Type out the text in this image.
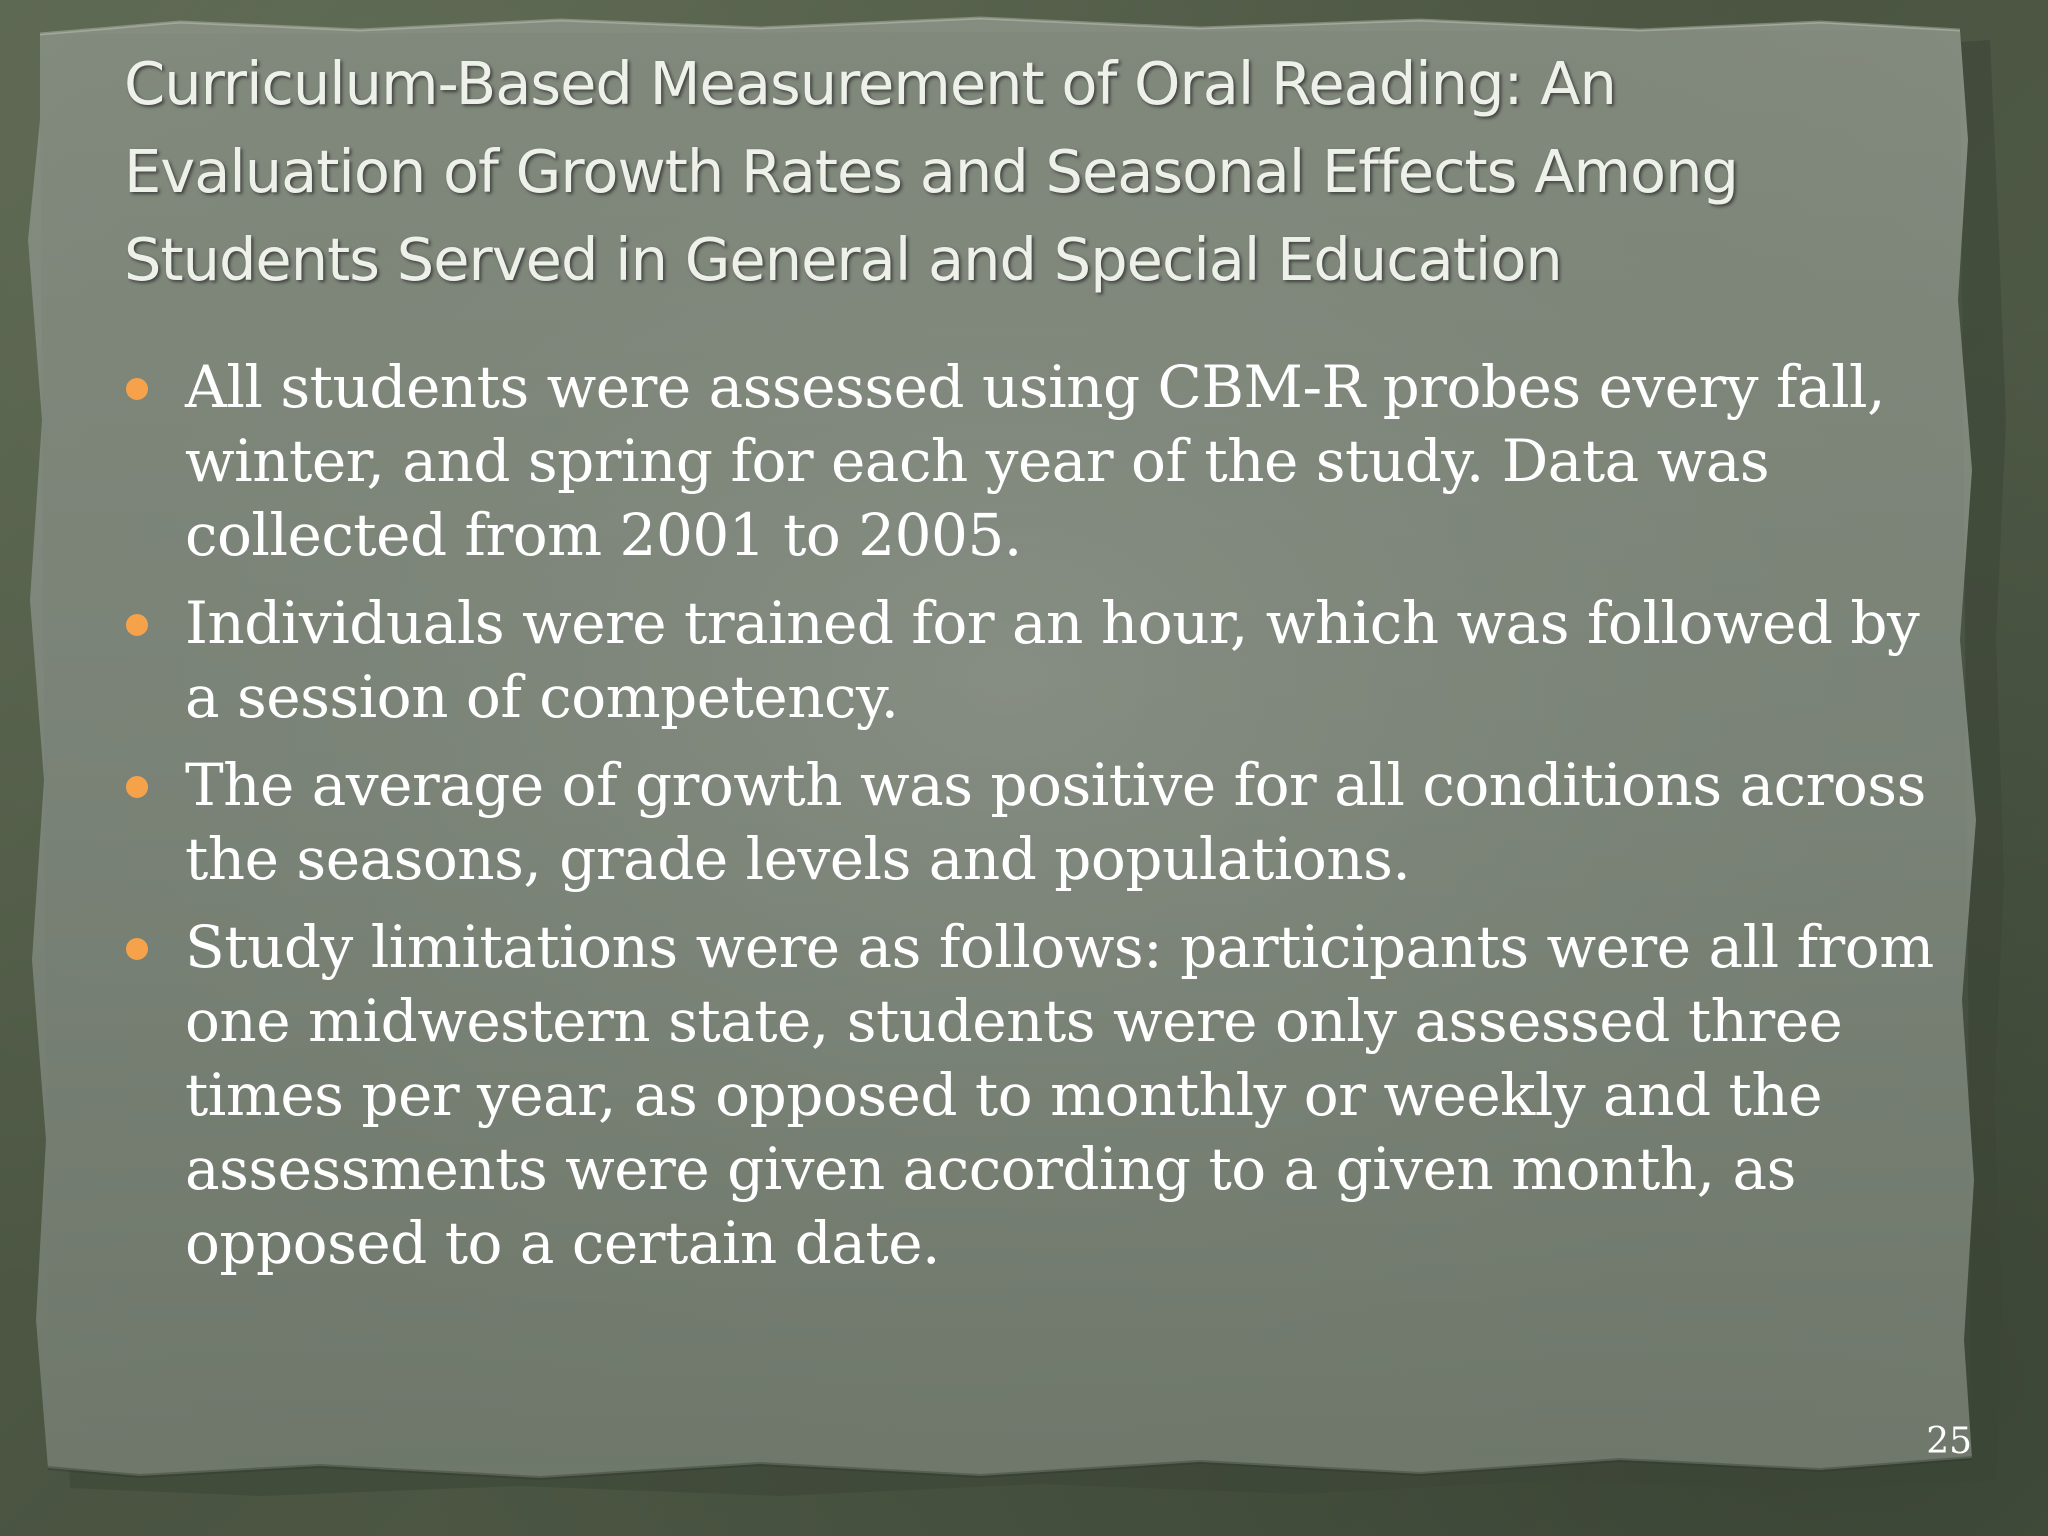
Curriculum-Based Measurement of Oral Reading: An Evaluation of Growth Rates and Seasonal Effects Among Students Served in General and Special Education
All students were assessed using CBM-R probes every fall, winter, and spring for each year of the study. Data was collected from 2001 to 2005.
Individuals were trained for an hour, which was followed by a session of competency.
The average of growth was positive for all conditions across the seasons, grade levels and populations.
Study limitations were as follows: participants were all from one midwestern state, students were only assessed three times per year, as opposed to monthly or weekly and the assessments were given according to a given month, as opposed to a certain date.
25
